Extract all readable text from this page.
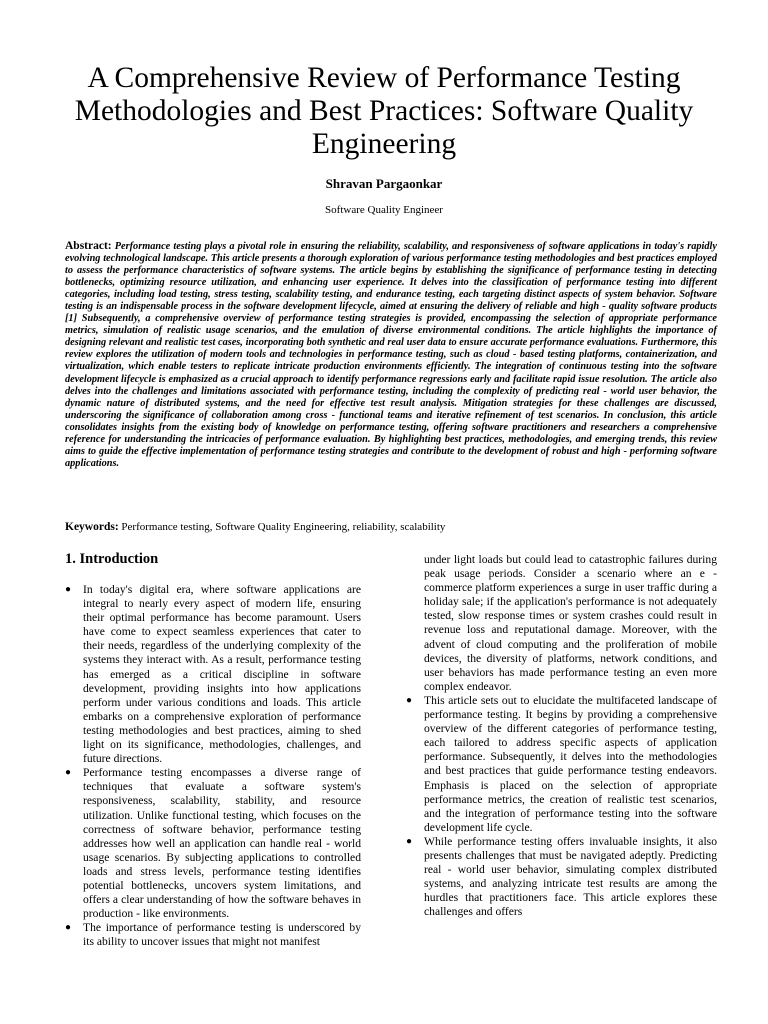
A Comprehensive Review of Performance Testing Methodologies and Best Practices: Software Quality Engineering
Shravan Pargaonkar
Software Quality Engineer

Abstract: Performance testing plays a pivotal role in ensuring the reliability, scalability, and responsiveness of software applications in today's rapidly evolving technological landscape. This article presents a thorough exploration of various performance testing methodologies and best practices employed to assess the performance characteristics of software systems. The article begins by establishing the significance of performance testing in detecting bottlenecks, optimizing resource utilization, and enhancing user experience. It delves into the classification of performance testing into different categories, including load testing, stress testing, scalability testing, and endurance testing, each targeting distinct aspects of system behavior. Software testing is an indispensable process in the software development lifecycle, aimed at ensuring the delivery of reliable and high - quality software products [1] Subsequently, a comprehensive overview of performance testing strategies is provided, encompassing the selection of appropriate performance metrics, simulation of realistic usage scenarios, and the emulation of diverse environmental conditions. The article highlights the importance of designing relevant and realistic test cases, incorporating both synthetic and real user data to ensure accurate performance evaluations. Furthermore, this review explores the utilization of modern tools and technologies in performance testing, such as cloud - based testing platforms, containerization, and virtualization, which enable testers to replicate intricate production environments efficiently. The integration of continuous testing into the software development lifecycle is emphasized as a crucial approach to identify performance regressions early and facilitate rapid issue resolution. The article also delves into the challenges and limitations associated with performance testing, including the complexity of predicting real - world user behavior, the dynamic nature of distributed systems, and the need for effective test result analysis. Mitigation strategies for these challenges are discussed, underscoring the significance of collaboration among cross - functional teams and iterative refinement of test scenarios. In conclusion, this article consolidates insights from the existing body of knowledge on performance testing, offering software practitioners and researchers a comprehensive reference for understanding the intricacies of performance evaluation. By highlighting best practices, methodologies, and emerging trends, this review aims to guide the effective implementation of performance testing strategies and contribute to the development of robust and high - performing software applications.

Keywords: Performance testing, Software Quality Engineering, reliability, scalability
1. Introduction
● In today's digital era, where software applications are integral to nearly every aspect of modern life, ensuring their optimal performance has become paramount. Users have come to expect seamless experiences that cater to their needs, regardless of the underlying complexity of the systems they interact with. As a result, performance testing has emerged as a critical discipline in software development, providing insights into how applications perform under various conditions and loads. This article embarks on a comprehensive exploration of performance testing methodologies and best practices, aiming to shed light on its significance, methodologies, challenges, and future directions.
● Performance testing encompasses a diverse range of techniques that evaluate a software system's responsiveness, scalability, stability, and resource utilization. Unlike functional testing, which focuses on the correctness of software behavior, performance testing addresses how well an application can handle real - world usage scenarios. By subjecting applications to controlled loads and stress levels, performance testing identifies potential bottlenecks, uncovers system limitations, and offers a clear understanding of how the software behaves in production - like environments.
● The importance of performance testing is underscored by its ability to uncover issues that might not manifest

under light loads but could lead to catastrophic failures during peak usage periods. Consider a scenario where an e - commerce platform experiences a surge in user traffic during a holiday sale; if the application's performance is not adequately tested, slow response times or system crashes could result in revenue loss and reputational damage. Moreover, with the advent of cloud computing and the proliferation of mobile devices, the diversity of platforms, network conditions, and user behaviors has made performance testing an even more complex endeavor.

● This article sets out to elucidate the multifaceted landscape of performance testing. It begins by providing a comprehensive overview of the different categories of performance testing, each tailored to address specific aspects of application performance. Subsequently, it delves into the methodologies and best practices that guide performance testing endeavors. Emphasis is placed on the selection of appropriate performance metrics, the creation of realistic test scenarios, and the integration of performance testing into the software development life cycle.
● While performance testing offers invaluable insights, it also presents challenges that must be navigated adeptly. Predicting real - world user behavior, simulating complex distributed systems, and analyzing intricate test results are among the hurdles that practitioners face. This article explores these challenges and offers
